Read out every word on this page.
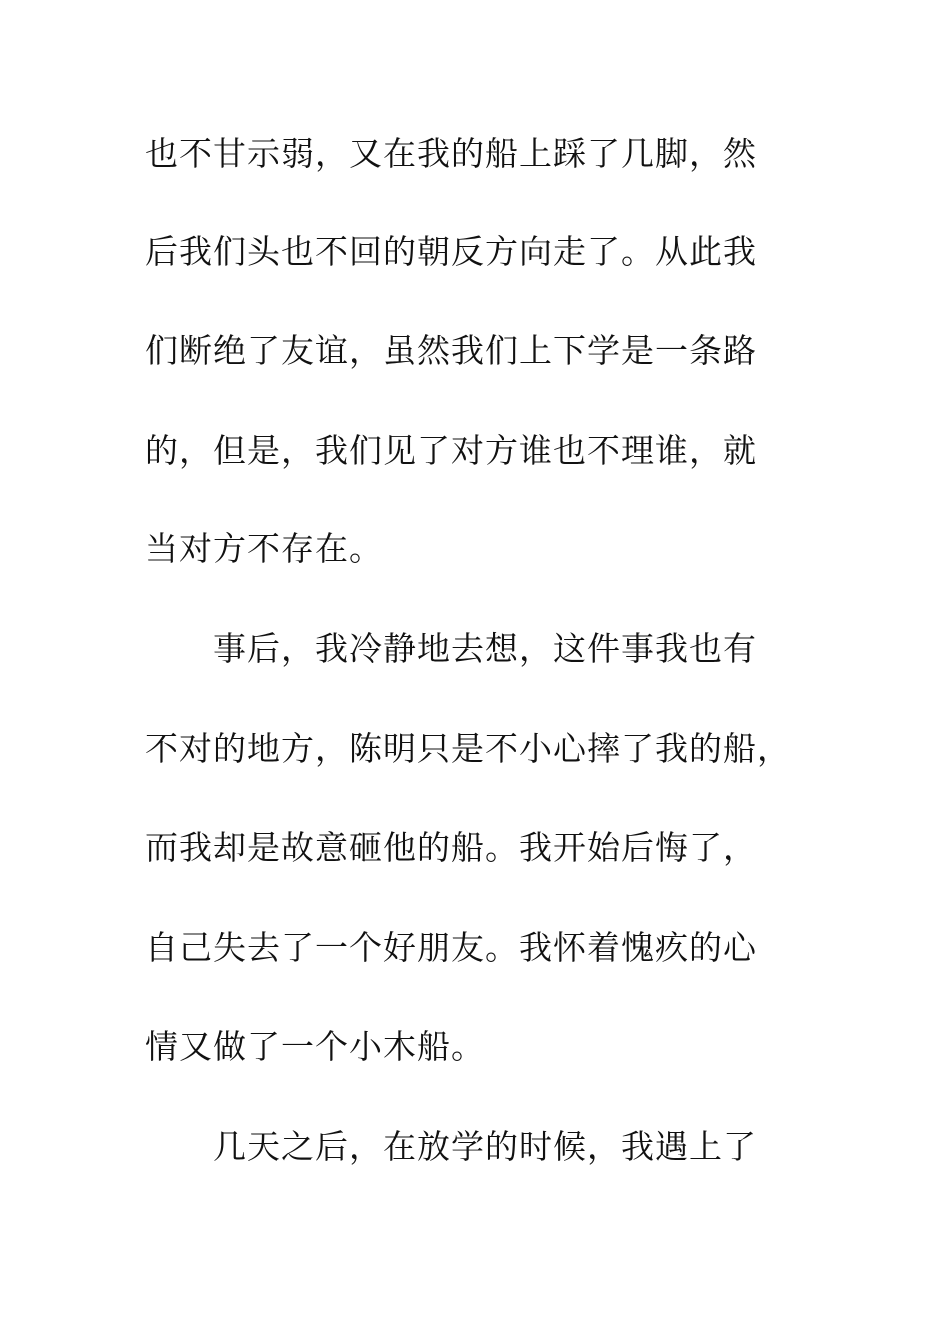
也不甘示弱，又在我的船上踩了几脚，然
后我们头也不回的朝反方向走了。从此我
们断绝了友谊，虽然我们上下学是一条路
的，但是，我们见了对方谁也不理谁，就
当对方不存在。
事后，我冷静地去想，这件事我也有
不对的地方，陈明只是不小心摔了我的船，
而我却是故意砸他的船。我开始后悔了，
自己失去了一个好朋友。我怀着愧疚的心
情又做了一个小木船。
几天之后，在放学的时候，我遇上了
